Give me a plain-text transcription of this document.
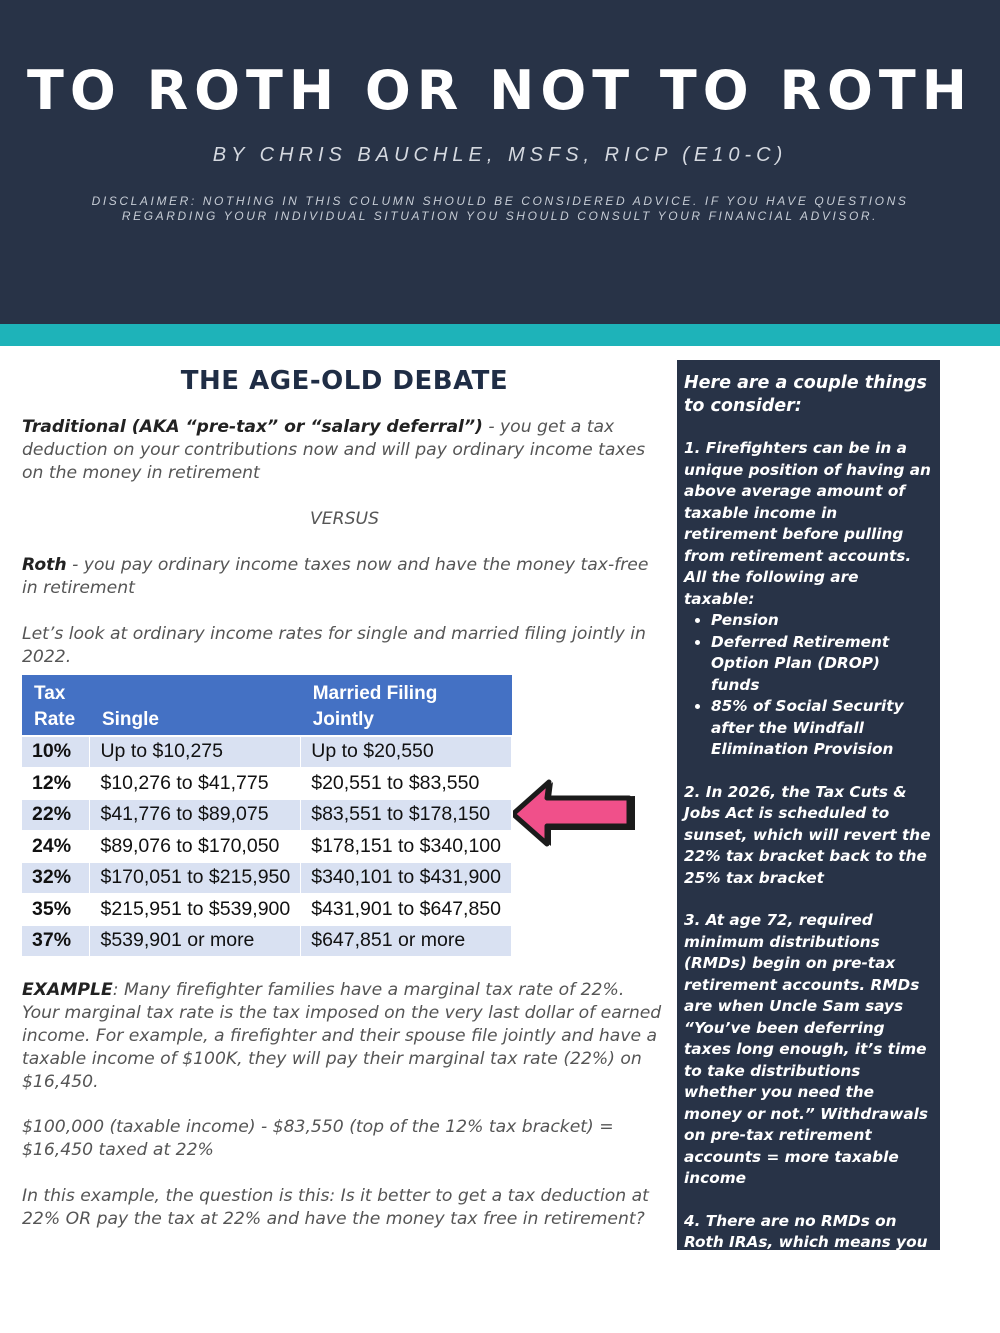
TO ROTH OR NOT TO ROTH
BY CHRIS BAUCHLE, MSFS, RICP (E10-C)
DISCLAIMER: NOTHING IN THIS COLUMN SHOULD BE CONSIDERED ADVICE. IF YOU HAVE QUESTIONS REGARDING YOUR INDIVIDUAL SITUATION YOU SHOULD CONSULT YOUR FINANCIAL ADVISOR.
THE AGE-OLD DEBATE

Traditional (AKA “pre-tax” or “salary deferral”) - you get a tax deduction on your contributions now and will pay ordinary income taxes on the money in retirement

VERSUS

Roth - you pay ordinary income taxes now and have the money tax-free in retirement

Let’s look at ordinary income rates for single and married filing jointly in 2022.

EXAMPLE: Many firefighter families have a marginal tax rate of 22%. Your marginal tax rate is the tax imposed on the very last dollar of earned income. For example, a firefighter and their spouse file jointly and have a taxable income of $100K, they will pay their marginal tax rate (22%) on $16,450.

$100,000 (taxable income) - $83,550 (top of the 12% tax bracket) = $16,450 taxed at 22%

In this example, the question is this: Is it better to get a tax deduction at 22% OR pay the tax at 22% and have the money tax free in retirement?

Tax		Married Filing
Rate	Single	Jointly
10%	Up to $10,275	Up to $20,550
12%	$10,276 to $41,775	$20,551 to $83,550
22%	$41,776 to $89,075	$83,551 to $178,150
24%	$89,076 to $170,050	$178,151 to $340,100
32%	$170,051 to $215,950	$340,101 to $431,900
35%	$215,951 to $539,900	$431,901 to $647,850
37%	$539,901 or more	$647,851 or more

Here are a couple things to consider:

1. Firefighters can be in a unique position of having an above average amount of taxable income in retirement before pulling from retirement accounts. All the following are taxable:

• Pension
• Deferred Retirement Option Plan (DROP) funds
• 85% of Social Security after the Windfall Elimination Provision

2. In 2026, the Tax Cuts & Jobs Act is scheduled to sunset, which will revert the 22% tax bracket back to the 25% tax bracket

3. At age 72, required minimum distributions (RMDs) begin on pre-tax retirement accounts. RMDs are when Uncle Sam says “You’ve been deferring taxes long enough, it’s time to take distributions whether you need the money or not.” Withdrawals on pre-tax retirement accounts = more taxable income

4. There are no RMDs on Roth IRAs, which means you don’t ever have to touch the money if you don’t want to
